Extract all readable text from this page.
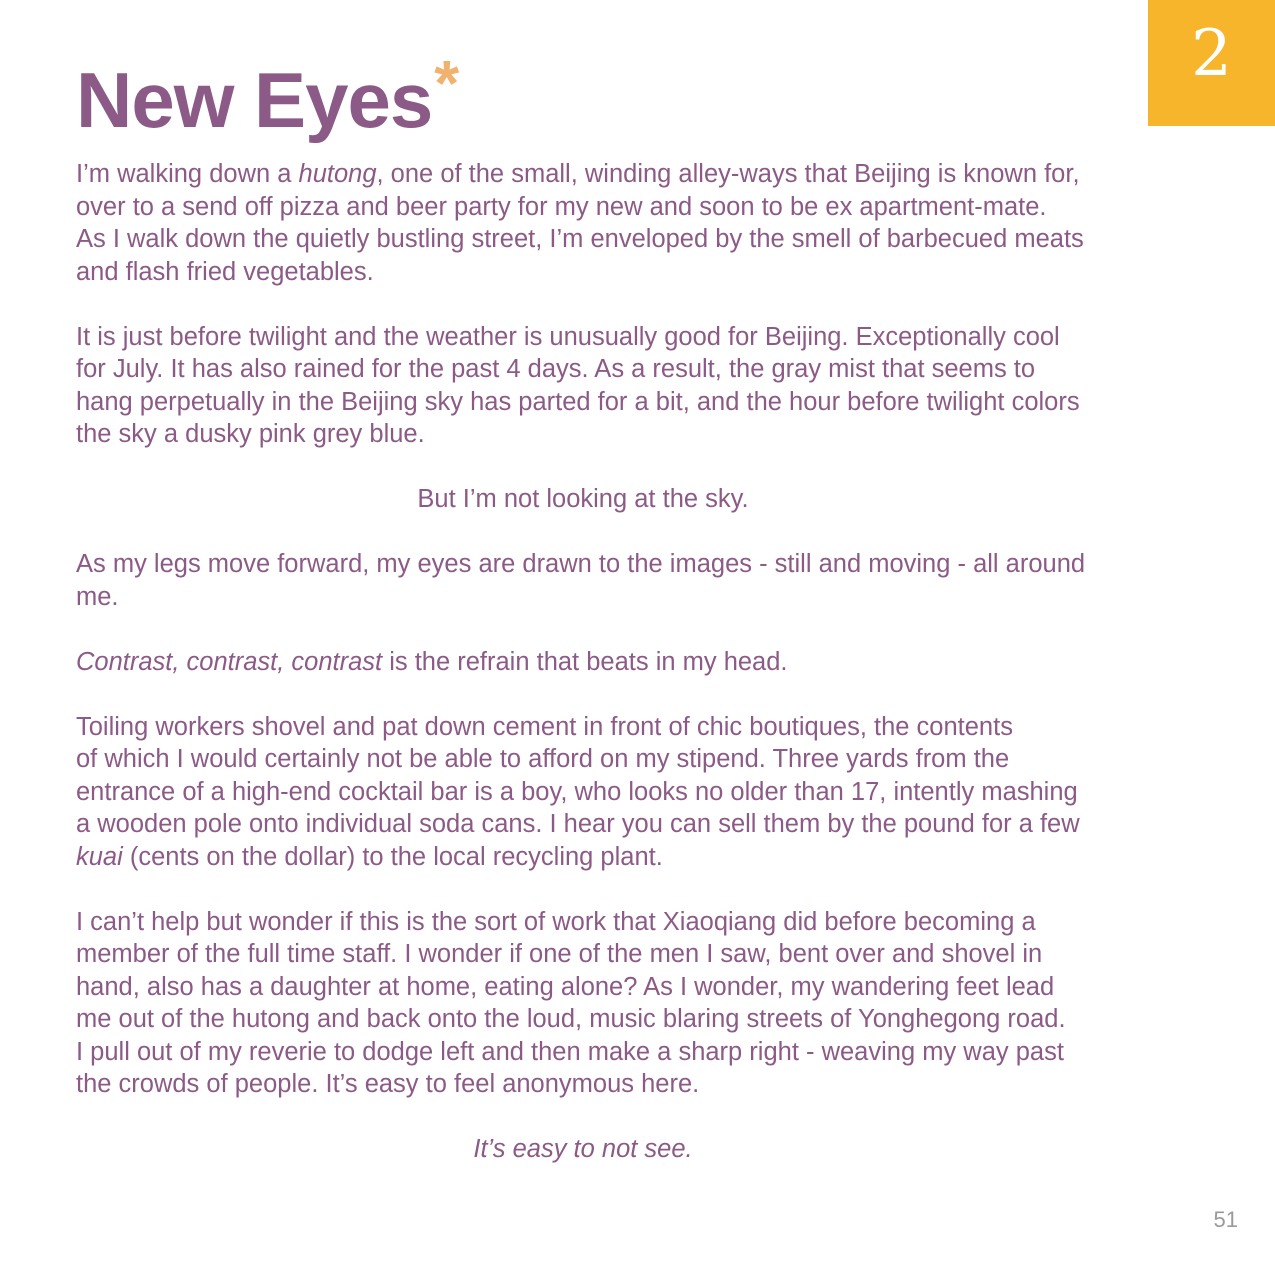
2
New Eyes*

I’m walking down a hutong, one of the small, winding alley-ways that Beijing is known for,
over to a send off pizza and beer party for my new and soon to be ex apartment-mate.
As I walk down the quietly bustling street, I’m enveloped by the smell of barbecued meats
and flash fried vegetables.

It is just before twilight and the weather is unusually good for Beijing. Exceptionally cool
for July. It has also rained for the past 4 days. As a result, the gray mist that seems to
hang perpetually in the Beijing sky has parted for a bit, and the hour before twilight colors
the sky a dusky pink grey blue.

But I’m not looking at the sky.

As my legs move forward, my eyes are drawn to the images - still and moving - all around
me.

Contrast, contrast, contrast is the refrain that beats in my head.

Toiling workers shovel and pat down cement in front of chic boutiques, the contents
of which I would certainly not be able to afford on my stipend. Three yards from the
entrance of a high-end cocktail bar is a boy, who looks no older than 17, intently mashing
a wooden pole onto individual soda cans. I hear you can sell them by the pound for a few
kuai (cents on the dollar) to the local recycling plant.

I can’t help but wonder if this is the sort of work that Xiaoqiang did before becoming a
member of the full time staff. I wonder if one of the men I saw, bent over and shovel in
hand, also has a daughter at home, eating alone? As I wonder, my wandering feet lead
me out of the hutong and back onto the loud, music blaring streets of Yonghegong road.
I pull out of my reverie to dodge left and then make a sharp right - weaving my way past
the crowds of people. It’s easy to feel anonymous here.

It’s easy to not see.

51
